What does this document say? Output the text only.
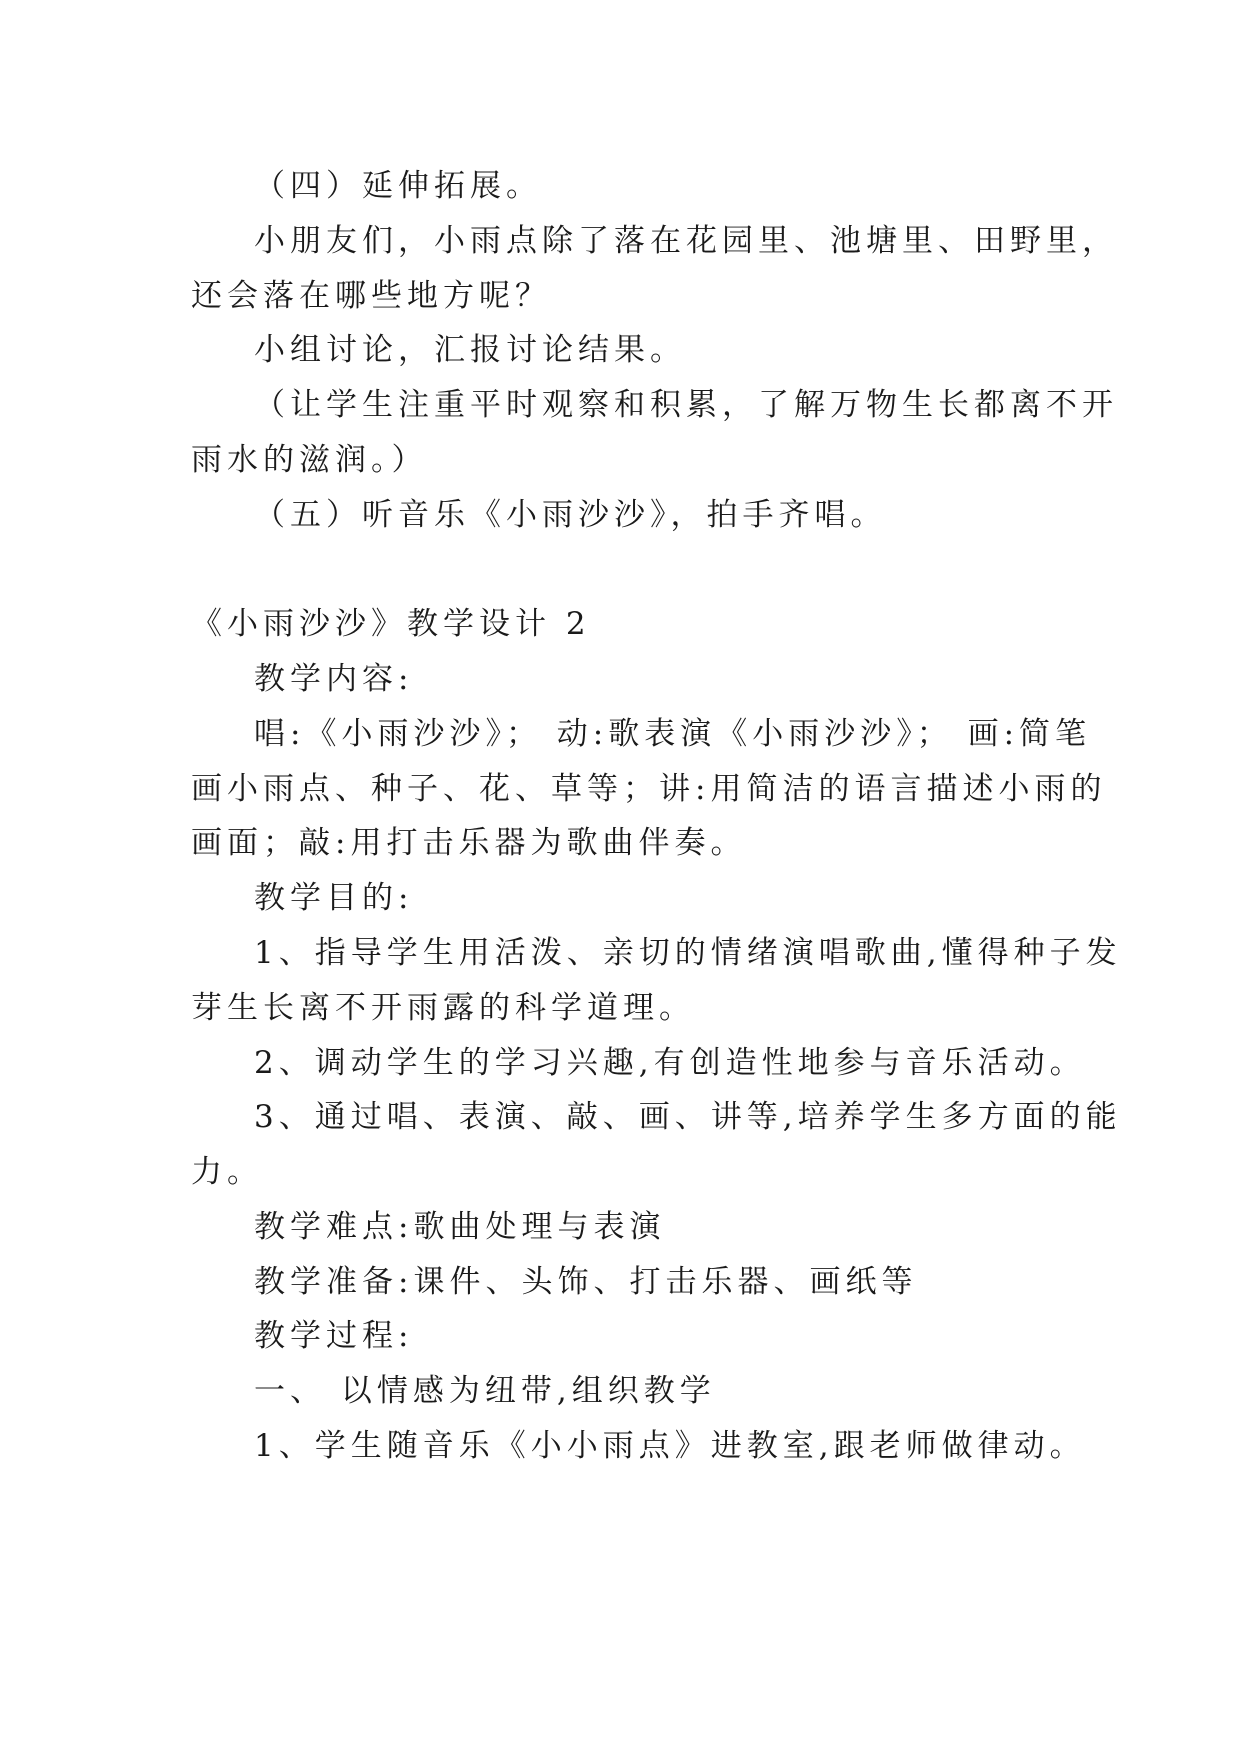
（四）延伸拓展。
小朋友们，小雨点除了落在花园里、池塘里、田野里，
还会落在哪些地方呢？
小组讨论，汇报讨论结果。
（让学生注重平时观察和积累，了解万物生长都离不开
雨水的滋润。）
（五）听音乐《小雨沙沙》，拍手齐唱。
《小雨沙沙》教学设计 2
教学内容:
唱:《小雨沙沙》； 动:歌表演《小雨沙沙》； 画:简笔
画小雨点、种子、花、草等；讲:用简洁的语言描述小雨的
画面；敲:用打击乐器为歌曲伴奏。
教学目的:
1、指导学生用活泼、亲切的情绪演唱歌曲,懂得种子发
芽生长离不开雨露的科学道理。
2、调动学生的学习兴趣,有创造性地参与音乐活动。
3、通过唱、表演、敲、画、讲等,培养学生多方面的能
力。
教学难点:歌曲处理与表演
教学准备:课件、头饰、打击乐器、画纸等
教学过程:
一、 以情感为纽带,组织教学
1、学生随音乐《小小雨点》进教室,跟老师做律动。
